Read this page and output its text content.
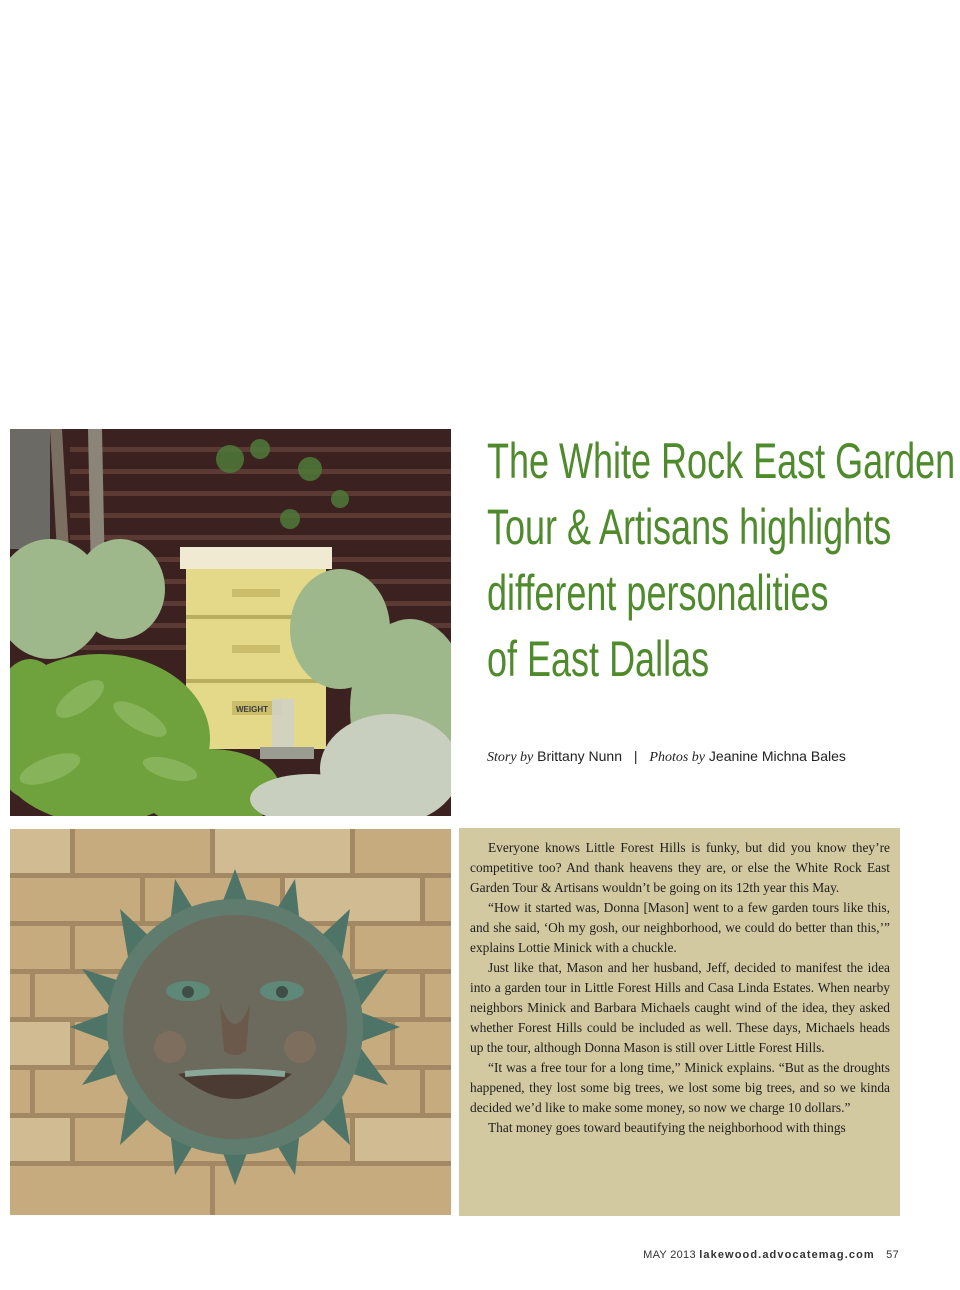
WEIGHT
The White Rock East Garden
Tour & Artisans highlights
different personalities
of East Dallas
Story by Brittany Nunn | Photos by Jeanine Michna Bales

Everyone knows Little Forest Hills is funky, but did you know they’re competitive too? And thank heavens they are, or else the White Rock East Garden Tour & Artisans wouldn’t be going on its 12th year this May.

“How it started was, Donna [Mason] went to a few garden tours like this, and she said, ‘Oh my gosh, our neighborhood, we could do better than this,’” explains Lottie Minick with a chuckle.

Just like that, Mason and her husband, Jeff, decided to manifest the idea into a garden tour in Little Forest Hills and Casa Linda Estates. When nearby neighbors Minick and Barbara Michaels caught wind of the idea, they asked whether Forest Hills could be included as well. These days, Michaels heads up the tour, although Donna Mason is still over Little Forest Hills.

“It was a free tour for a long time,” Minick explains. “But as the droughts happened, they lost some big trees, we lost some big trees, and so we kinda decided we’d like to make some money, so now we charge 10 dollars.”

That money goes toward beautifying the neighborhood with things

MAY 2013 lakewood.advocatemag.com 57
